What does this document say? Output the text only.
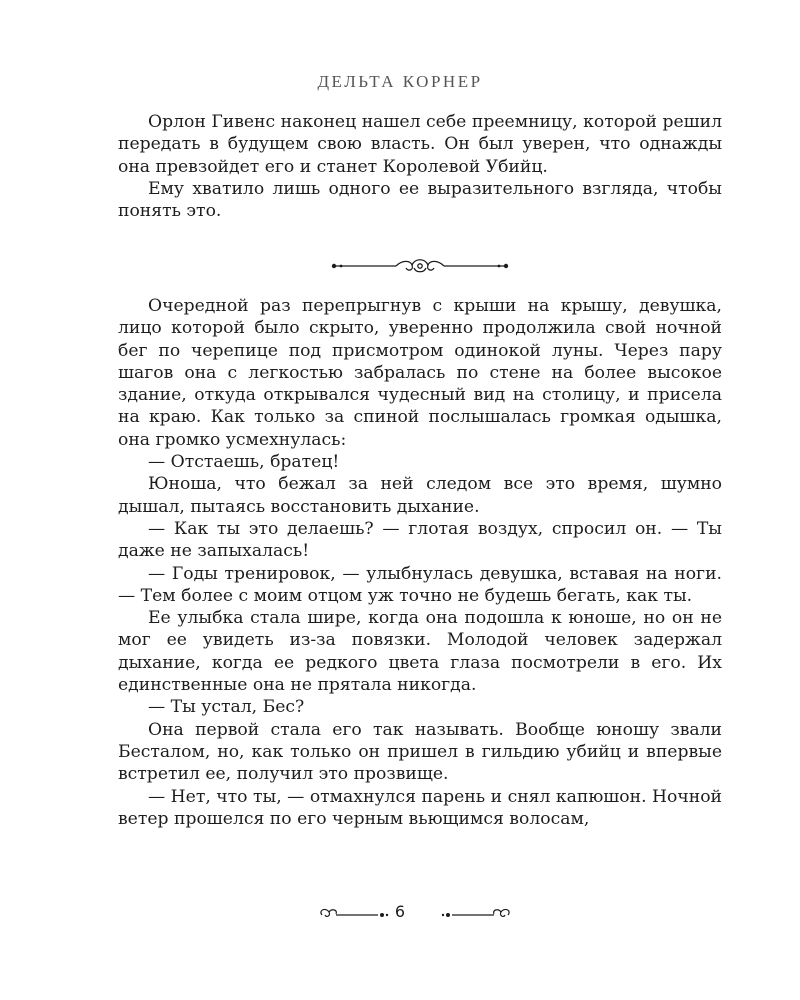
ДЕЛЬТА КОРНЕР

Орлон Гивенс наконец нашел себе преемницу, которой решил передать в будущем свою власть. Он был уверен, что однажды она превзойдет его и станет Королевой Убийц.

Ему хватило лишь одного ее выразительного взгляда, чтобы понять это.

Очередной раз перепрыгнув с крыши на крышу, девушка, лицо которой было скрыто, уверенно продолжила свой ночной бег по черепице под присмотром одинокой луны. Через пару шагов она с легкостью забралась по стене на более высокое здание, откуда открывался чудесный вид на столицу, и присела на краю. Как только за спиной послышалась громкая одышка, она громко усмехнулась:

— Отстаешь, братец!

Юноша, что бежал за ней следом все это время, шумно дышал, пытаясь восстановить дыхание.

— Как ты это делаешь? — глотая воздух, спросил он. — Ты даже не запыхалась!

— Годы тренировок, — улыбнулась девушка, вставая на ноги. — Тем более с моим отцом уж точно не будешь бегать, как ты.

Ее улыбка стала шире, когда она подошла к юноше, но он не мог ее увидеть из-за повязки. Молодой человек задержал дыхание, когда ее редкого цвета глаза посмотрели в его. Их единственные она не прятала никогда.

— Ты устал, Бес?

Она первой стала его так называть. Вообще юношу звали Бесталом, но, как только он пришел в гильдию убийц и впервые встретил ее, получил это прозвище.

— Нет, что ты, — отмахнулся парень и снял капюшон. Ночной ветер прошелся по его черным вьющимся волосам,

6
